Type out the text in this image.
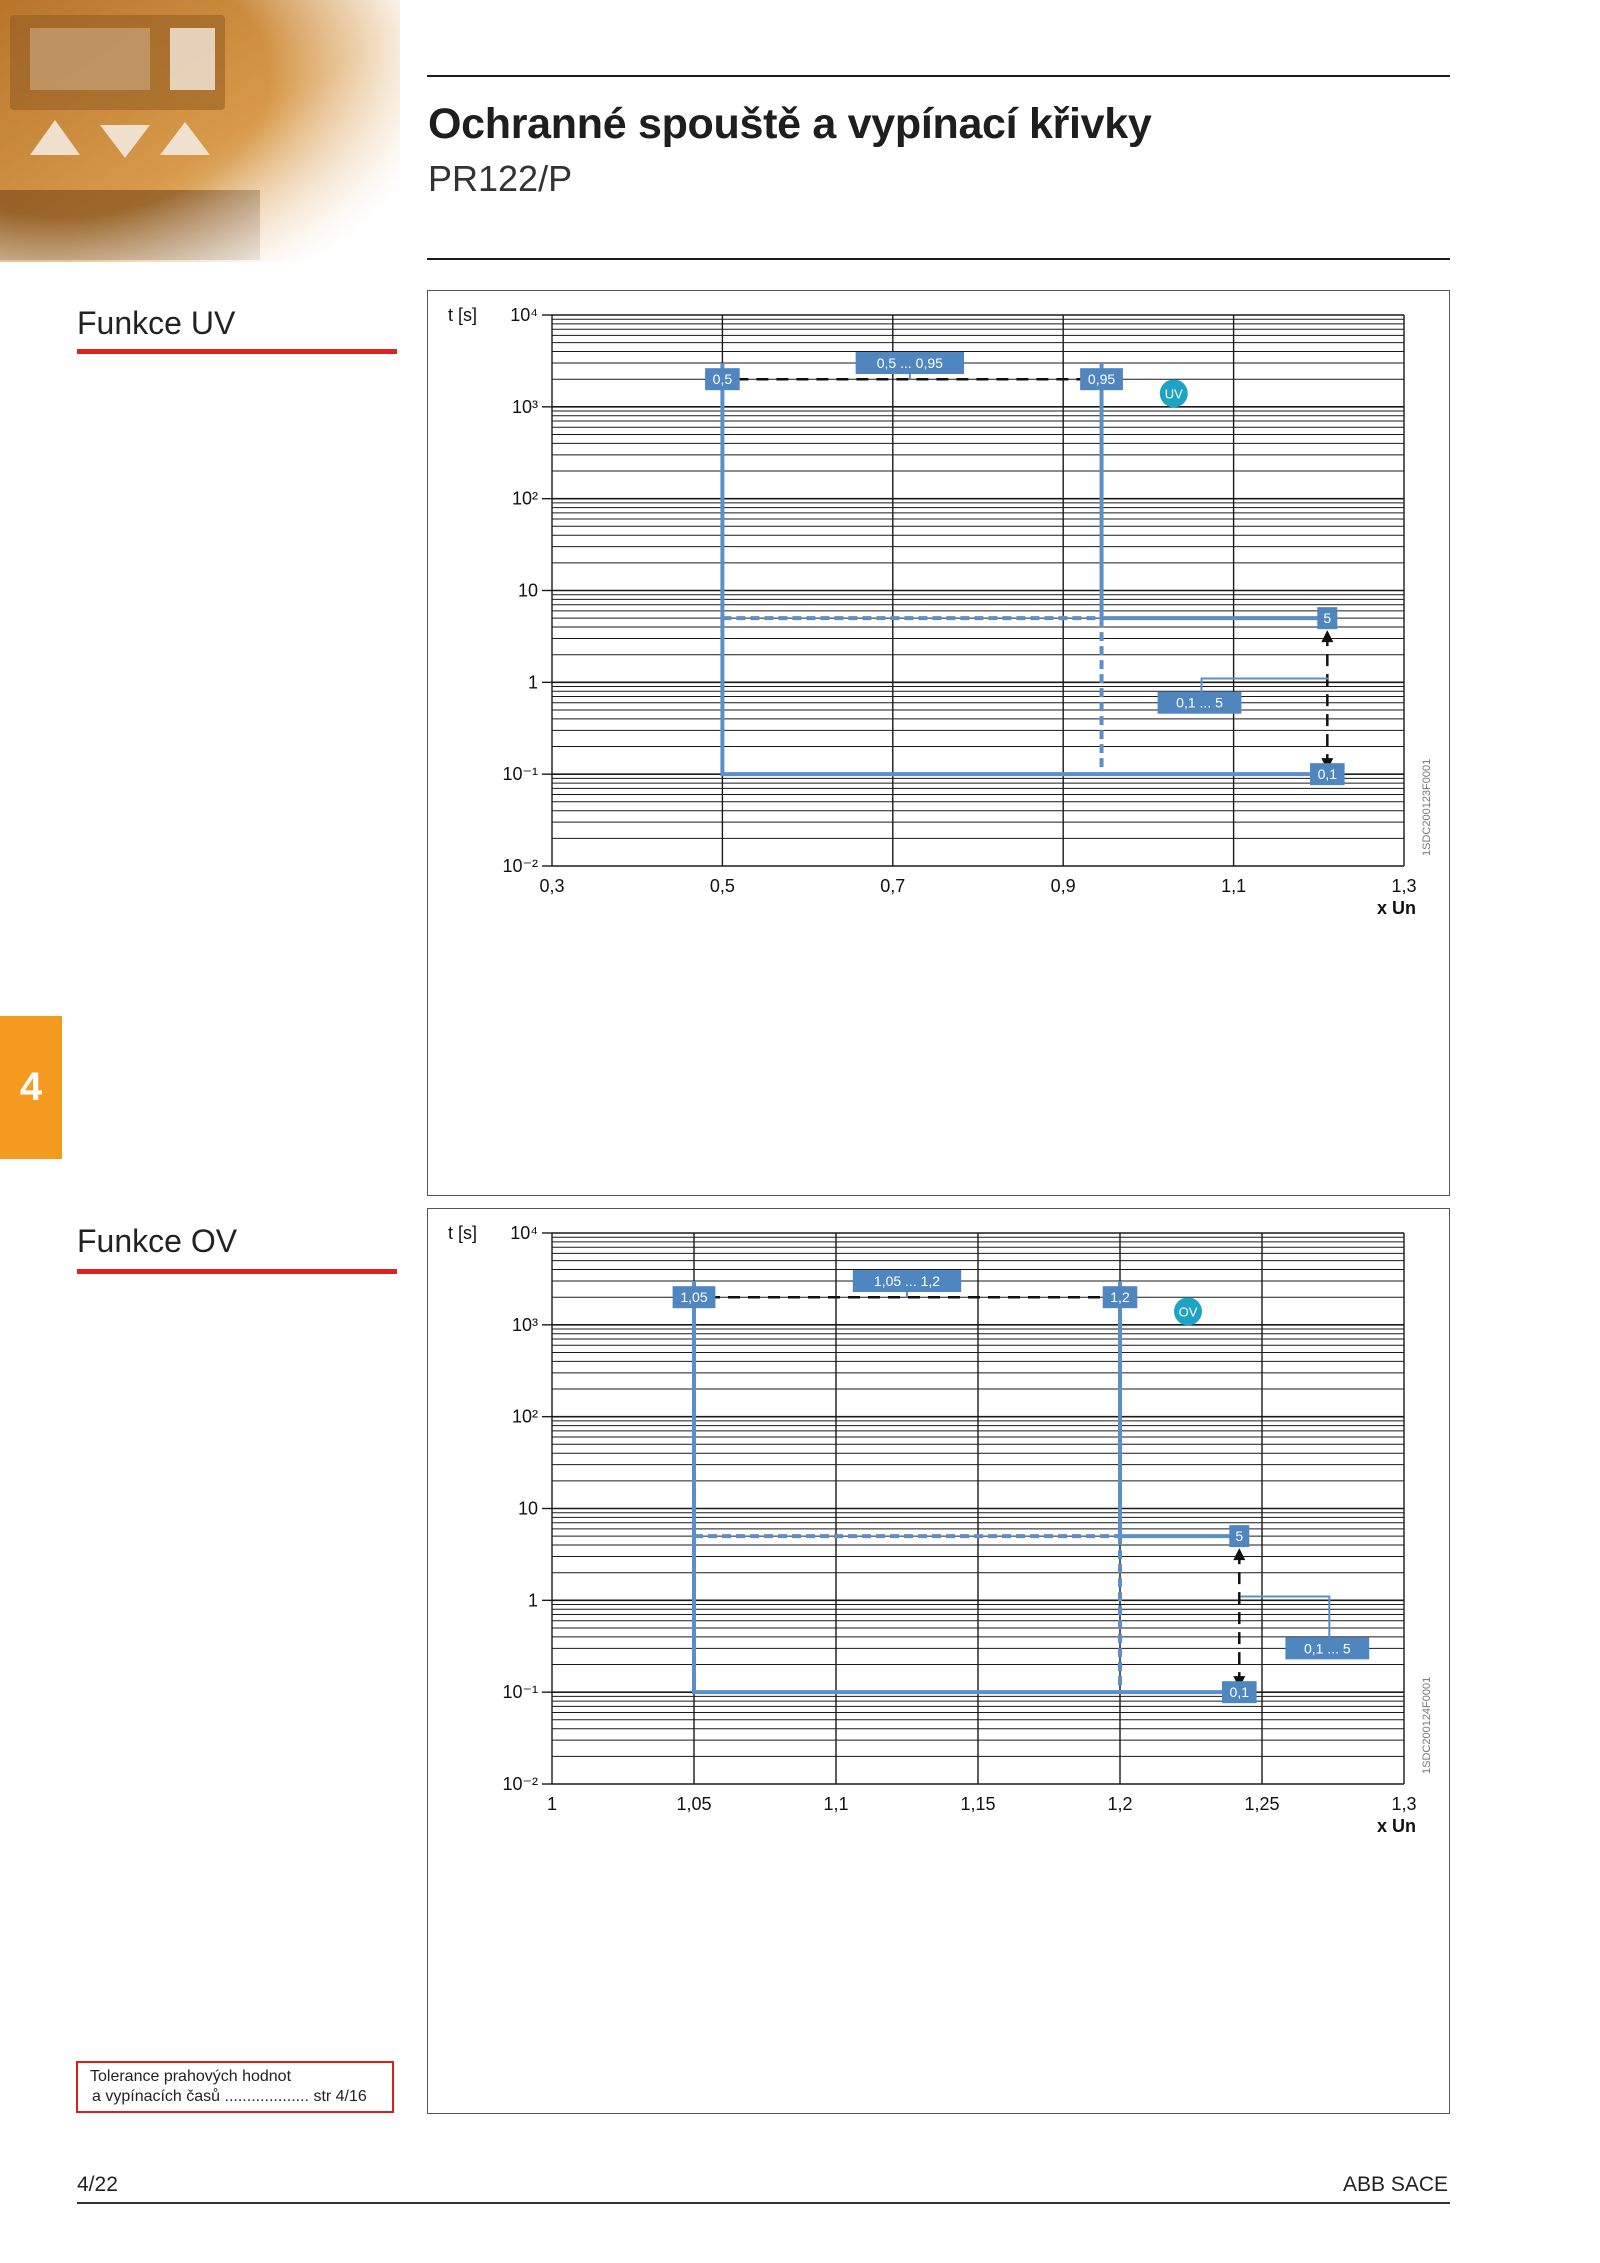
Ochranné spouště a vypínací křivky
PR122/P
Funkce UV
Funkce OV
4
10⁴
10³
10²
10
1
10⁻¹
10⁻²
0,3	0,5	0,7	0,9	1,1	1,3
t [s]
x Un
1SDC200123F0001
0,5
0,5 ... 0,95
0,95
5
0,1 ... 5
0,1
UV
10⁴
10³
10²
10
1
10⁻¹
10⁻²
1	1,05	1,1	1,15	1,2	1,25	1,3
t [s]
x Un
1SDC200124F0001
1,05
1,05 ... 1,2
1,2
5
0,1 ... 5
0,1
OV
Tolerance prahových hodnot
a vypínacích časů ................... str 4/16
4/22	ABB SACE
